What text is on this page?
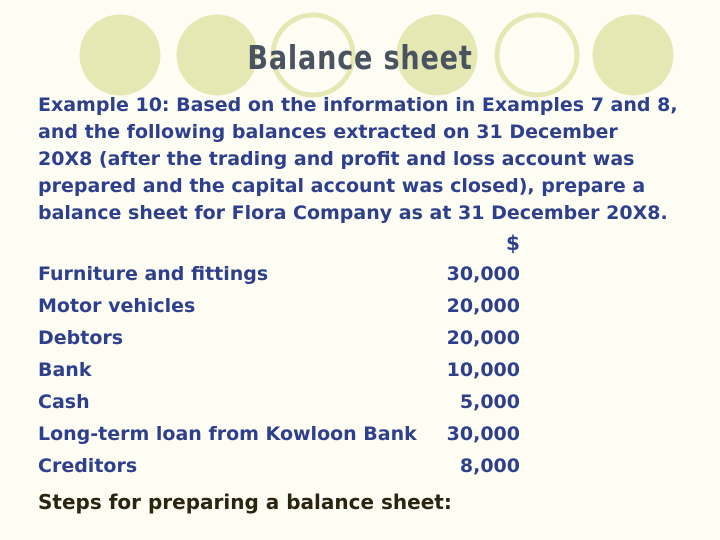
Balance sheet
Example 10: Based on the information in Examples 7 and 8,
and the following balances extracted on 31 December
20X8 (after the trading and profit and loss account was
prepared and the capital account was closed), prepare a
balance sheet for Flora Company as at 31 December 20X8.
$
Furniture and fittings	30,000
Motor vehicles	20,000
Debtors	20,000
Bank	10,000
Cash	5,000
Long-term loan from Kowloon Bank 30,000
Creditors	8,000
Steps for preparing a balance sheet:
